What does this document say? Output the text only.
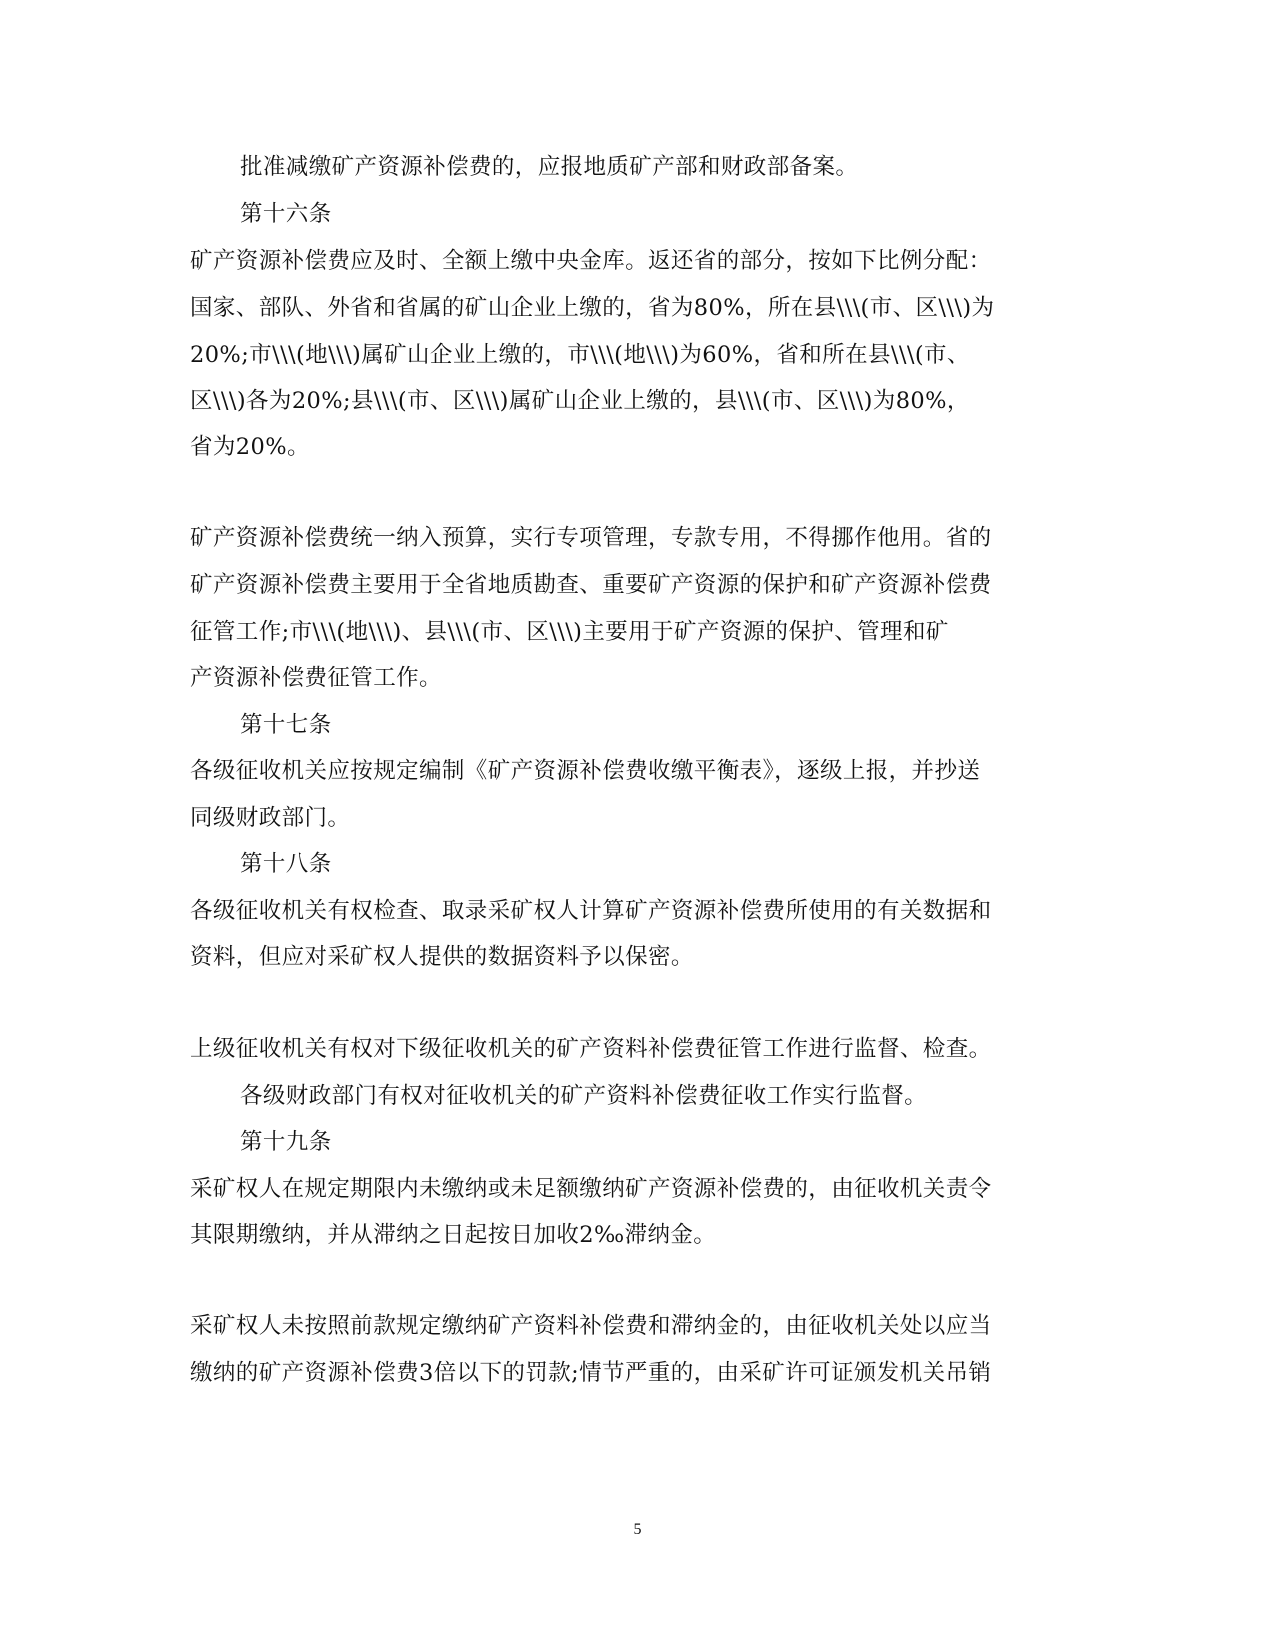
批准减缴矿产资源补偿费的，应报地质矿产部和财政部备案。
第十六条
矿产资源补偿费应及时、全额上缴中央金库。返还省的部分，按如下比例分配：
国家、部队、外省和省属的矿山企业上缴的，省为80%，所在县\\\(市、区\\\)为
20%;市\\\(地\\\)属矿山企业上缴的，市\\\(地\\\)为60%，省和所在县\\\(市、
区\\\)各为20%;县\\\(市、区\\\)属矿山企业上缴的，县\\\(市、区\\\)为80%，
省为20%。
矿产资源补偿费统一纳入预算，实行专项管理，专款专用，不得挪作他用。省的
矿产资源补偿费主要用于全省地质勘查、重要矿产资源的保护和矿产资源补偿费
征管工作;市\\\(地\\\)、县\\\(市、区\\\)主要用于矿产资源的保护、管理和矿
产资源补偿费征管工作。
第十七条
各级征收机关应按规定编制《矿产资源补偿费收缴平衡表》，逐级上报，并抄送
同级财政部门。
第十八条
各级征收机关有权检查、取录采矿权人计算矿产资源补偿费所使用的有关数据和
资料，但应对采矿权人提供的数据资料予以保密。
上级征收机关有权对下级征收机关的矿产资料补偿费征管工作进行监督、检查。
各级财政部门有权对征收机关的矿产资料补偿费征收工作实行监督。
第十九条
采矿权人在规定期限内未缴纳或未足额缴纳矿产资源补偿费的，由征收机关责令
其限期缴纳，并从滞纳之日起按日加收2‰滞纳金。
采矿权人未按照前款规定缴纳矿产资料补偿费和滞纳金的，由征收机关处以应当
缴纳的矿产资源补偿费3倍以下的罚款;情节严重的，由采矿许可证颁发机关吊销
5
